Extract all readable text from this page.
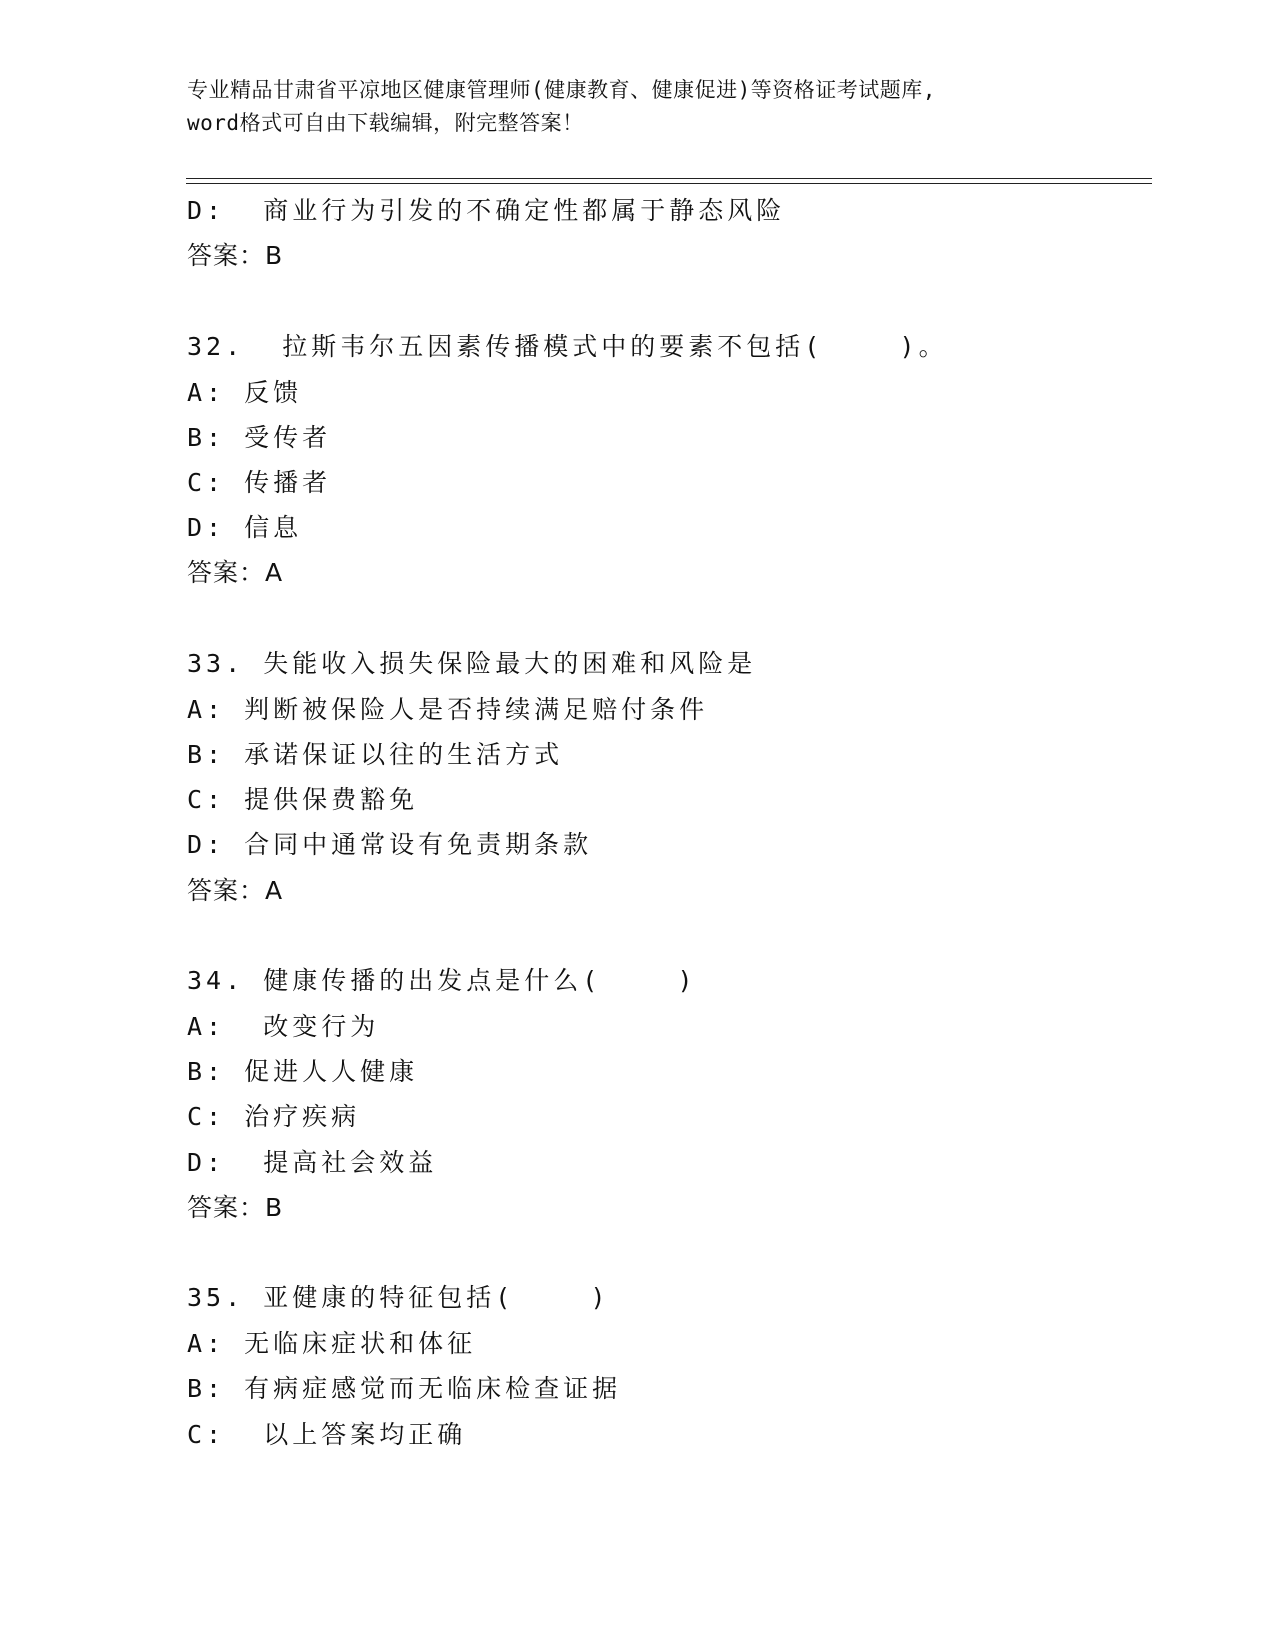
专业精品甘肃省平凉地区健康管理师(健康教育、健康促进)等资格证考试题库,
word格式可自由下载编辑，附完整答案！
D:  商业行为引发的不确定性都属于静态风险
答案：B
32.  拉斯韦尔五因素传播模式中的要素不包括(    )。
A: 反馈
B: 受传者
C: 传播者
D: 信息
答案：A
33. 失能收入损失保险最大的困难和风险是
A: 判断被保险人是否持续满足赔付条件
B: 承诺保证以往的生活方式
C: 提供保费豁免
D: 合同中通常设有免责期条款
答案：A
34. 健康传播的出发点是什么(    )
A:  改变行为
B: 促进人人健康
C: 治疗疾病
D:  提高社会效益
答案：B
35. 亚健康的特征包括(    )
A: 无临床症状和体征
B: 有病症感觉而无临床检查证据
C:  以上答案均正确
